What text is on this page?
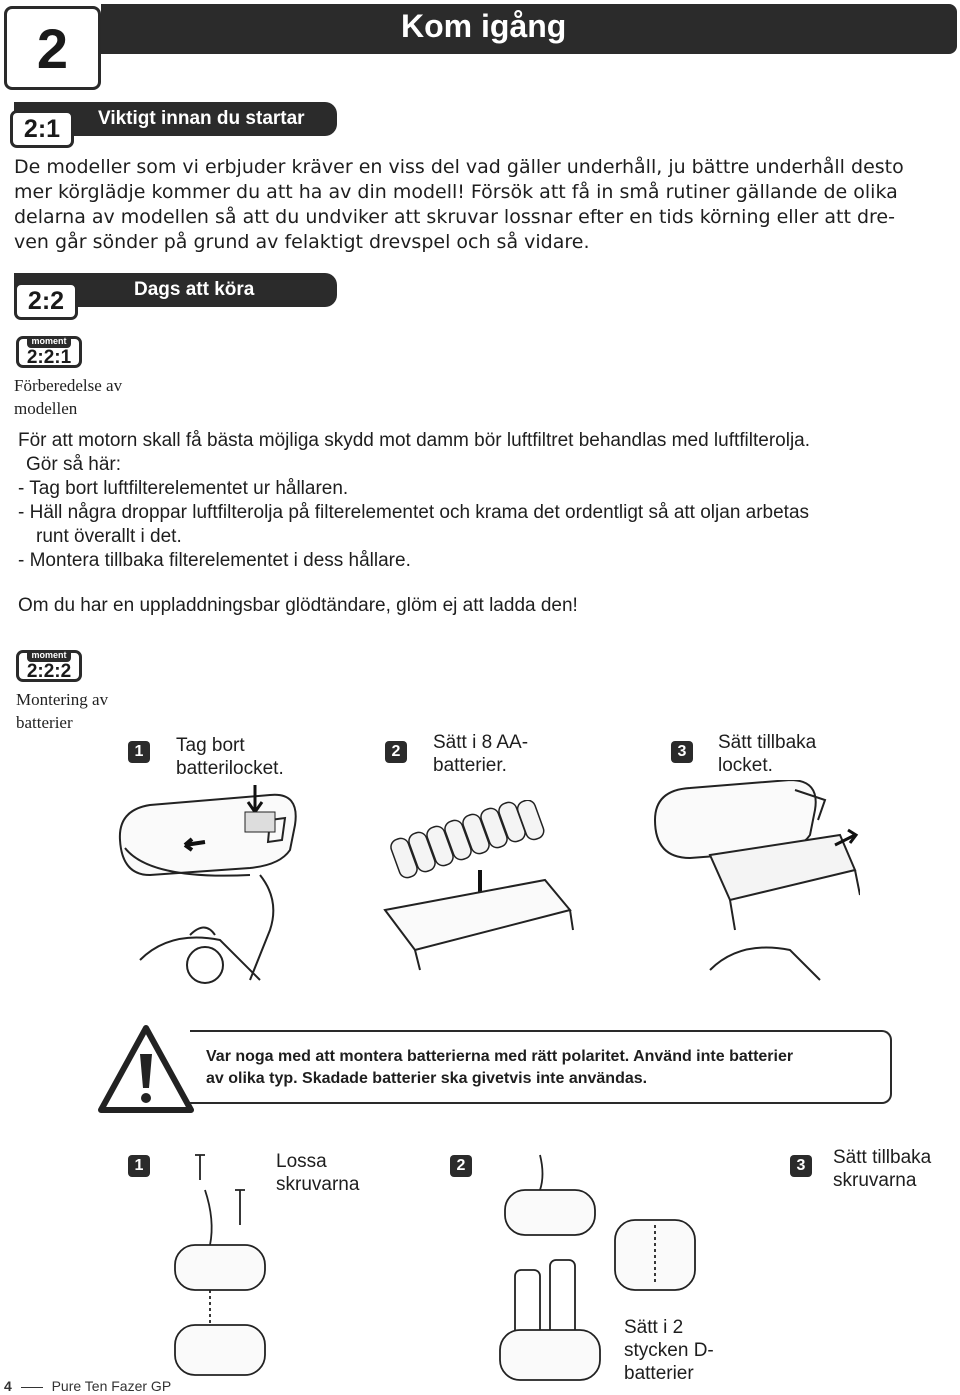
2	Kom igång
Viktigt innan du startar
2:1
De modeller som vi erbjuder kräver en viss del vad gäller underhåll, ju bättre underhåll desto
mer körglädje kommer du att ha av din modell! Försök att få in små rutiner gällande de olika
delarna av modellen så att du undviker att skruvar lossnar efter en tids körning eller att dre-
ven går sönder på grund av felaktigt drevspel och så vidare.
Dags att köra
2:2
moment
2:2:1
Förberedelse av
modellen
För att motorn skall få bästa möjliga skydd mot damm bör luftfiltret behandlas med luftfilterolja.
Gör så här:
- Tag bort luftfilterelementet ur hållaren.
- Häll några droppar luftfilterolja på filterelementet och krama det ordentligt så att oljan arbetas
runt överallt i det.
- Montera tillbaka filterelementet i dess hållare.
Om du har en uppladdningsbar glödtändare, glöm ej att ladda den!
moment
2:2:2
Montering av
batterier
1	Tag bort
batterilocket.
2	Sätt i 8 AA-
batterier.
3	Sätt tillbaka
locket.
Var noga med att montera batterierna med rätt polaritet. Använd inte batterier
av olika typ. Skadade batterier ska givetvis inte användas.
1	Lossa
skruvarna
2	3	Sätt tillbaka
skruvarna
Sätt i 2
stycken D-
batterier
4	Pure Ten Fazer GP
